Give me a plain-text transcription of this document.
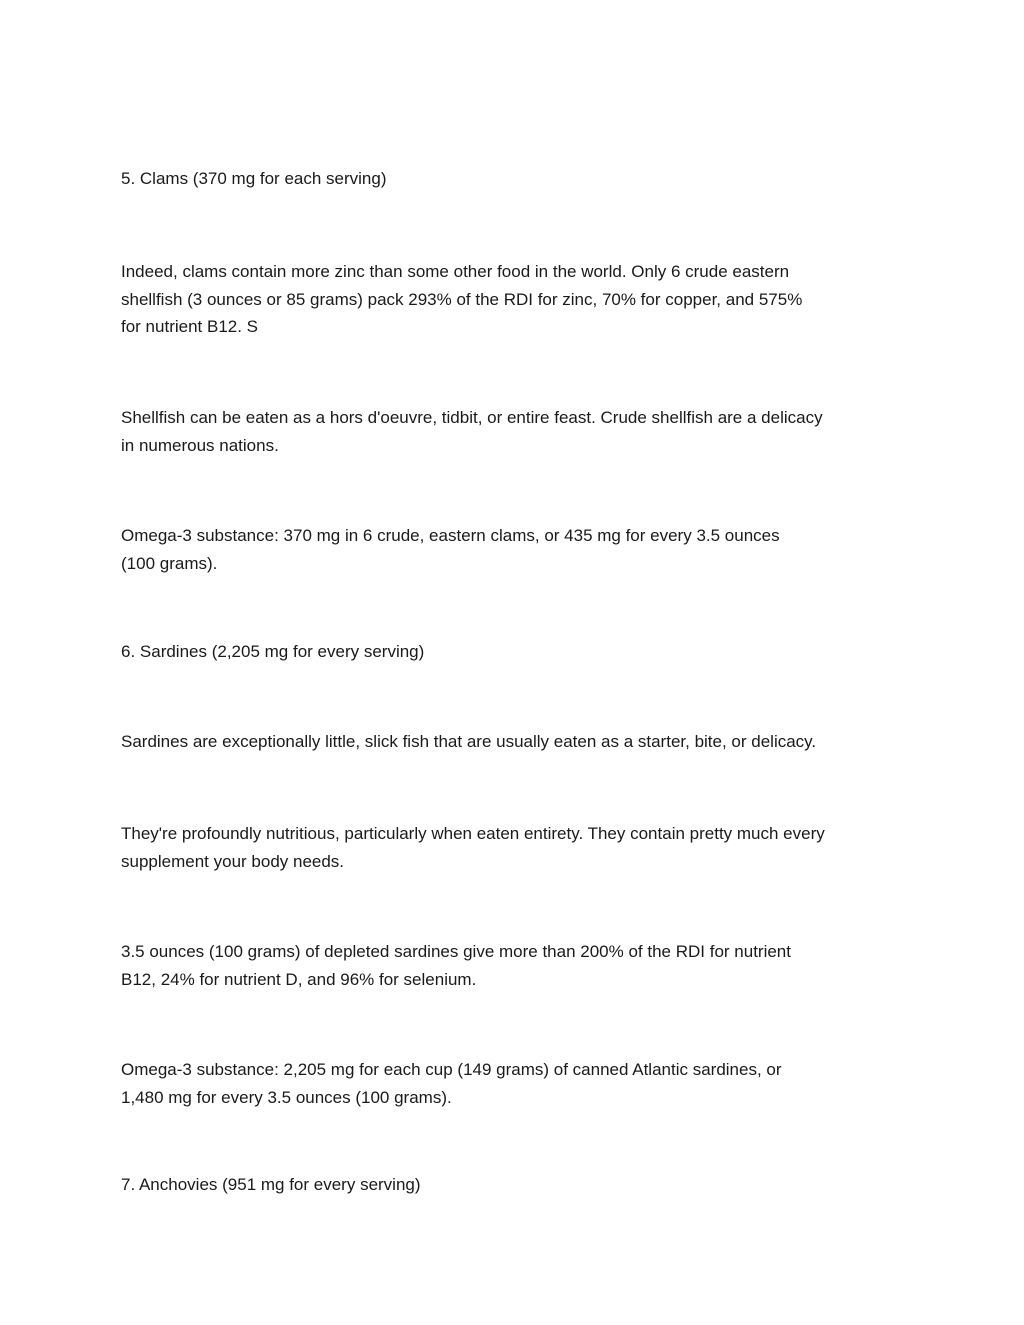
5. Clams (370 mg for each serving)

Indeed, clams contain more zinc than some other food in the world. Only 6 crude eastern
shellfish (3 ounces or 85 grams) pack 293% of the RDI for zinc, 70% for copper, and 575%
for nutrient B12. S

Shellfish can be eaten as a hors d'oeuvre, tidbit, or entire feast. Crude shellfish are a delicacy
in numerous nations.

Omega-3 substance: 370 mg in 6 crude, eastern clams, or 435 mg for every 3.5 ounces
(100 grams).

6. Sardines (2,205 mg for every serving)

Sardines are exceptionally little, slick fish that are usually eaten as a starter, bite, or delicacy.

They're profoundly nutritious, particularly when eaten entirety. They contain pretty much every
supplement your body needs.

3.5 ounces (100 grams) of depleted sardines give more than 200% of the RDI for nutrient
B12, 24% for nutrient D, and 96% for selenium.

Omega-3 substance: 2,205 mg for each cup (149 grams) of canned Atlantic sardines, or
1,480 mg for every 3.5 ounces (100 grams).

7. Anchovies (951 mg for every serving)
